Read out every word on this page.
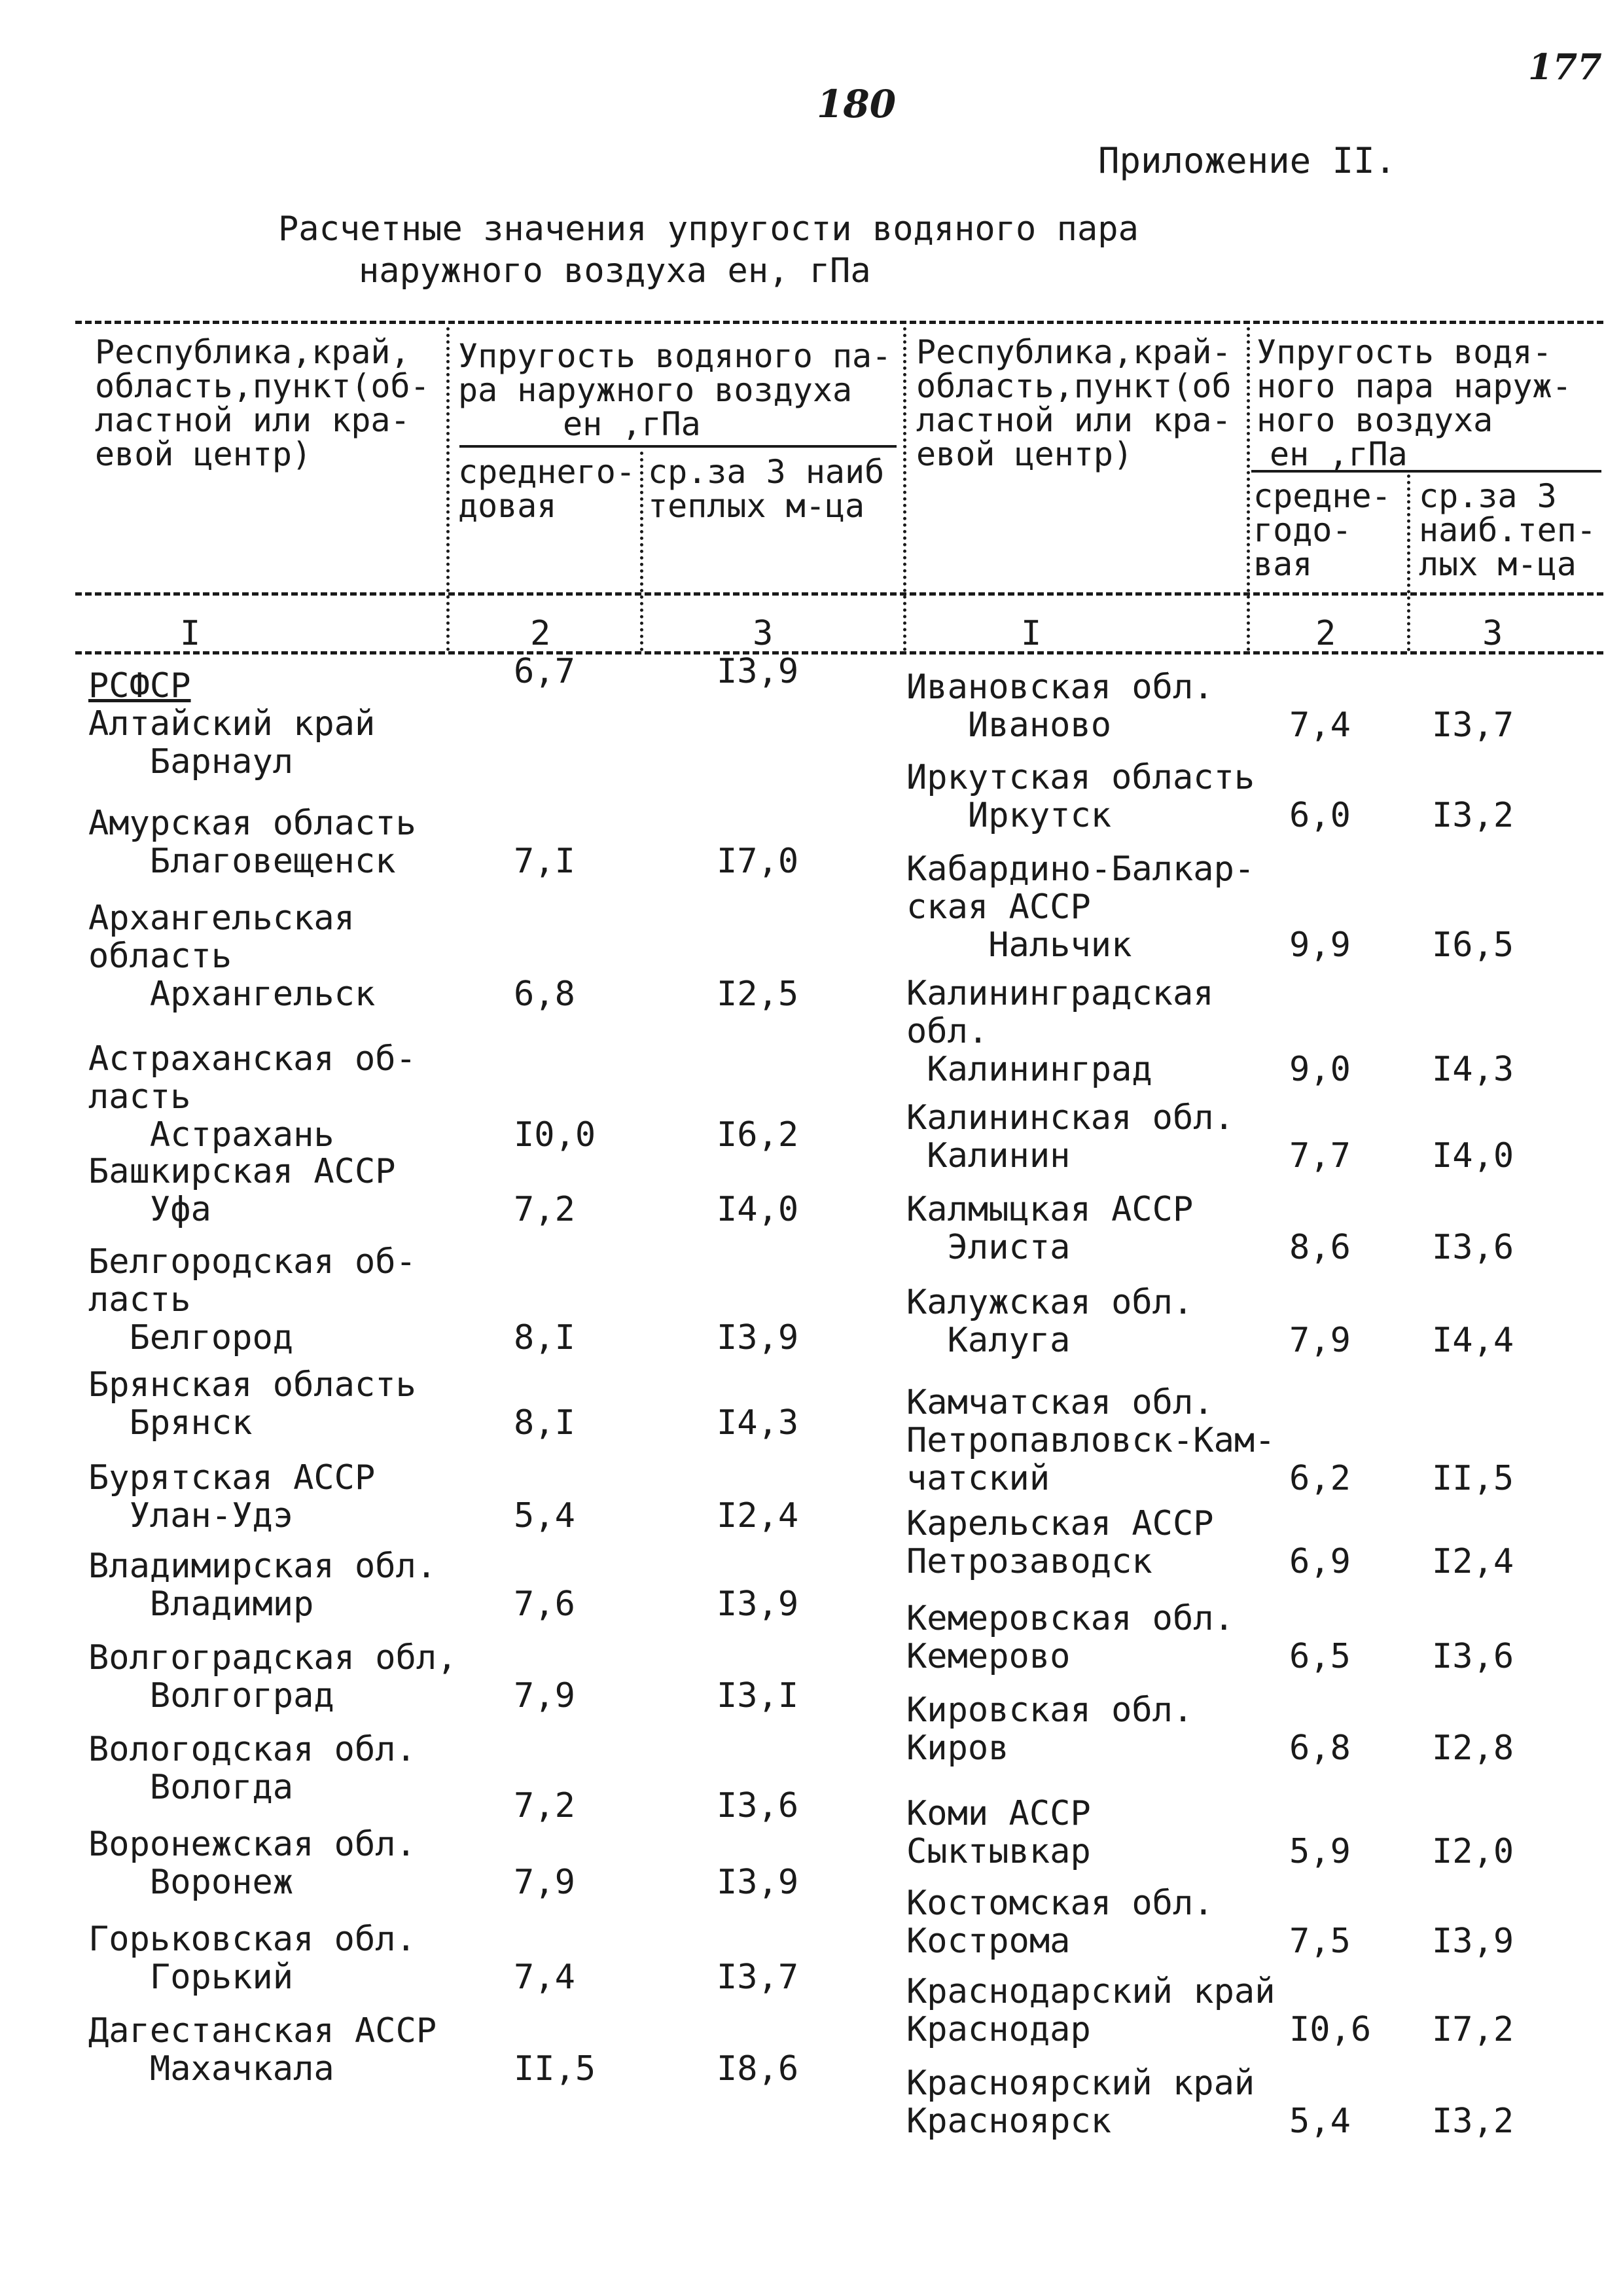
177
180
Приложение II.
Расчетные значения упругости водяного пара
наружного воздуха eн, гПа
Республика,край,
область,пункт(об-
ластной или кра-
евой центр)
Упругость водяного па-
ра наружного воздуха
eн ,гПа
среднего-
довая
ср.за 3 наиб
теплых м-ца
Республика,край-
область,пункт(об
ластной или кра-
евой центр)
Упругость водя-
ного пара наруж-
ного воздуха
eн ,гПа
средне-
годо-
вая
ср.за 3
наиб.теп-
лых м-ца
I	2	3	I	2	3
РСФСР
Алтайский край
Барнаул
6,7	I3,9
Амурская область
Благовещенск	7,I	I7,0
Архангельская
область
Архангельск	6,8	I2,5
Астраханская об-
ласть
Астрахань	I0,0	I6,2
Башкирская АССР
Уфа	7,2	I4,0
Белгородская об-
ласть
Белгород	8,I	I3,9
Брянская область
Брянск	8,I	I4,3
Бурятская АССР
Улан-Удэ	5,4	I2,4
Владимирская обл.
Владимир	7,6	I3,9
Волгоградская обл,
Волгоград	7,9	I3,I
Вологодская обл.
Вологда	7,2	I3,6
Воронежская обл.
Воронеж	7,9	I3,9
Горьковская обл.
Горький	7,4	I3,7
Дагестанская АССР
Махачкала	II,5	I8,6
Ивановская обл.
Иваново	7,4 I3,7
Иркутская область
Иркутск	6,0 I3,2
Кабардино-Балкар-
ская АССР
Нальчик	9,9 I6,5
Калининградская
обл.
Калининград	9,0 I4,3
Калининская обл.
Калинин	7,7 I4,0
Калмыцкая АССР
Элиста	8,6 I3,6
Калужская обл.
Калуга	7,9 I4,4
Камчатская обл.
Петропавловск-Кам-
чатский	6,2 II,5
Карельская АССР
Петрозаводск	6,9 I2,4
Кемеровская обл.
Кемерово	6,5 I3,6
Кировская обл.
Киров	6,8 I2,8
Коми АССР
Сыктывкар	5,9 I2,0
Костомская обл.
Кострома	7,5 I3,9
Краснодарский край
Краснодар	I0,6 I7,2
Красноярский край
Красноярск	5,4 I3,2
